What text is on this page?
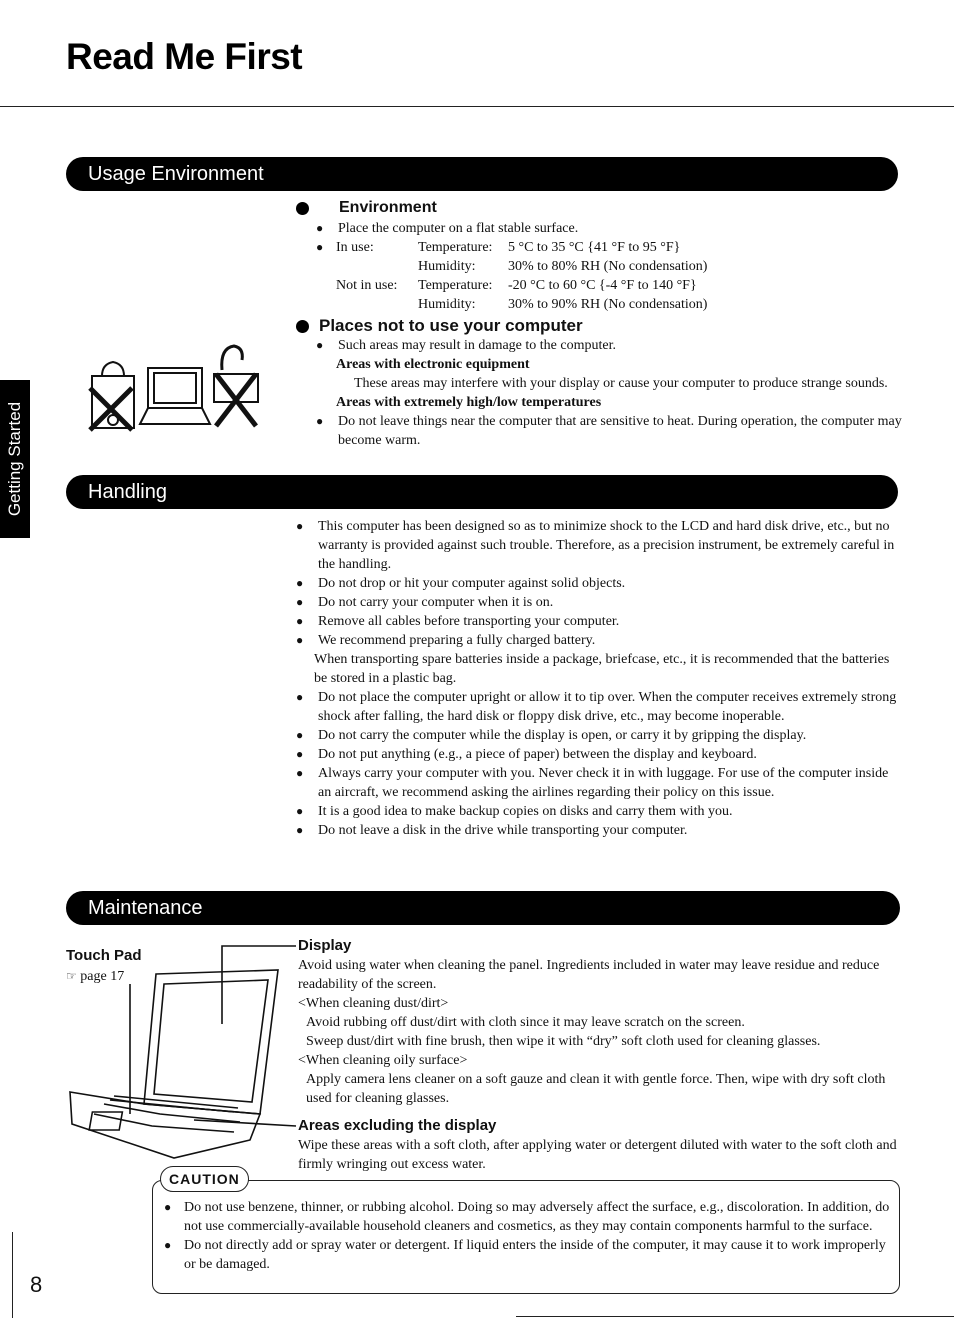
Read Me First
Getting Started
Usage Environment
Environment
●	Place the computer on a flat stable surface.
● In use:	Temperature: 5 °C to 35 °C {41 °F to 95 °F}
Humidity: 30% to 80% RH (No condensation)
Not in use: Temperature: -20 °C to 60 °C {-4 °F to 140 °F}
Humidity: 30% to 90% RH (No condensation)
Places not to use your computer
●	Such areas may result in damage to the computer.
Areas with electronic equipment
These areas may interfere with your display or cause your computer to produce strange sounds.
Areas with extremely high/low temperatures
●	Do not leave things near the computer that are sensitive to heat. During operation, the computer may become warm.
Handling
●	This computer has been designed so as to minimize shock to the LCD and hard disk drive, etc., but no warranty is provided against such trouble. Therefore, as a precision instrument, be extremely careful in the handling.
●	Do not drop or hit your computer against solid objects.
●	Do not carry your computer when it is on.
●	Remove all cables before transporting your computer.
●	We recommend preparing a fully charged battery.
When transporting spare batteries inside a package, briefcase, etc., it is recommended that the batteries be stored in a plastic bag.
●	Do not place the computer upright or allow it to tip over. When the computer receives extremely strong shock after falling, the hard disk or floppy disk drive, etc., may become inoperable.
●	Do not carry the computer while the display is open, or carry it by gripping the display.
●	Do not put anything (e.g., a piece of paper) between the display and keyboard.
●	Always carry your computer with you. Never check it in with luggage. For use of the computer inside an aircraft, we recommend asking the airlines regarding their policy on this issue.
●	It is a good idea to make backup copies on disks and carry them with you.
●	Do not leave a disk in the drive while transporting your computer.
Maintenance
Touch Pad
☞ page 17
Display
Avoid using water when cleaning the panel. Ingredients included in water may leave residue and reduce readability of the screen.
<When cleaning dust/dirt>
Avoid rubbing off dust/dirt with cloth since it may leave scratch on the screen.
Sweep dust/dirt with fine brush, then wipe it with “dry” soft cloth used for cleaning glasses.
<When cleaning oily surface>
Apply camera lens cleaner on a soft gauze and clean it with gentle force. Then, wipe with dry soft cloth used for cleaning glasses.
Areas excluding the display
Wipe these areas with a soft cloth, after applying water or detergent diluted with water to the soft cloth and firmly wringing out excess water.
CAUTION
● Do not use benzene, thinner, or rubbing alcohol. Doing so may adversely affect the surface, e.g., discoloration. In addition, do not use commercially-available household cleaners and cosmetics, as they may contain components harmful to the surface.
● Do not directly add or spray water or detergent. If liquid enters the inside of the computer, it may cause it to work improperly or be damaged.
8
